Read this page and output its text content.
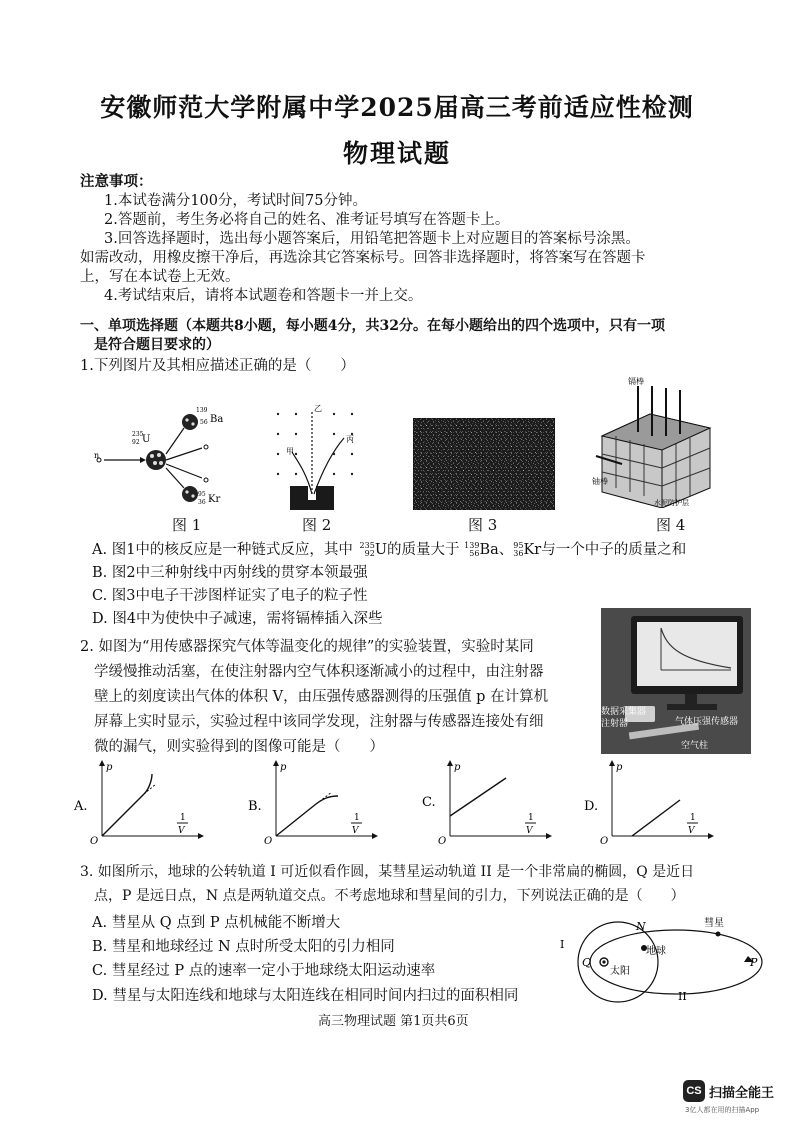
安徽师范大学附属中学2025届高三考前适应性检测
物理试题
注意事项：
1.本试卷满分100分，考试时间75分钟。
2.答题前，考生务必将自己的姓名、准考证号填写在答题卡上。
3.回答选择题时，选出每小题答案后，用铅笔把答题卡上对应题目的答案标号涂黑。
如需改动，用橡皮擦干净后，再选涂其它答案标号。回答非选择题时，将答案写在答题卡
上，写在本试卷上无效。
4.考试结束后，请将本试题卷和答题卡一并上交。
一、单项选择题（本题共8小题，每小题4分，共32分。在每小题给出的四个选项中，只有一项
是符合题目要求的）
1.下列图片及其相应描述正确的是（　　）
n
235
92 U
139
56 Ba
95
36 Kr
图 1
乙
丙
甲
图 2	图 3
镉棒
铀棒
水泥防护层
图 4
A. 图1中的核反应是一种链式反应，其中 235
92 U的质量大于 139
56 Ba、 95
36 Kr与一个中子的质量之和
B. 图2中三种射线中丙射线的贯穿本领最强
C. 图3中电子干涉图样证实了电子的粒子性
D. 图4中为使快中子减速，需将镉棒插入深些
2. 如图为“用传感器探究气体等温变化的规律”的实验装置，实验时某同
学缓慢推动活塞，在使注射器内空气体积逐渐减小的过程中，由注射器
壁上的刻度读出气体的体积 V，由压强传感器测得的压强值 p 在计算机
屏幕上实时显示，实验过程中该同学发现，注射器与传感器连接处有细
微的漏气，则实验得到的图像可能是（　　）
数据采集器
注射器	气体压强传感器
空气柱
p
A.
O
1
V
p
B.
O
1
V
p
C.
O
1
V
p
D.
O
1
V
3. 如图所示，地球的公转轨道 I 可近似看作圆，某彗星运动轨道 II 是一个非常扁的椭圆，Q 是近日
点，P 是远日点，N 点是两轨道交点。不考虑地球和彗星间的引力，下列说法正确的是（　　）
A. 彗星从 Q 点到 P 点机械能不断增大
B. 彗星和地球经过 N 点时所受太阳的引力相同
C. 彗星经过 P 点的速率一定小于地球绕太阳运动速率
D. 彗星与太阳连线和地球与太阳连线在相同时间内扫过的面积相同
I
II
N
Q	P
太阳
地球
彗星
高三物理试题 第1页共6页
CS 扫描全能王
3亿人都在用的扫描App
